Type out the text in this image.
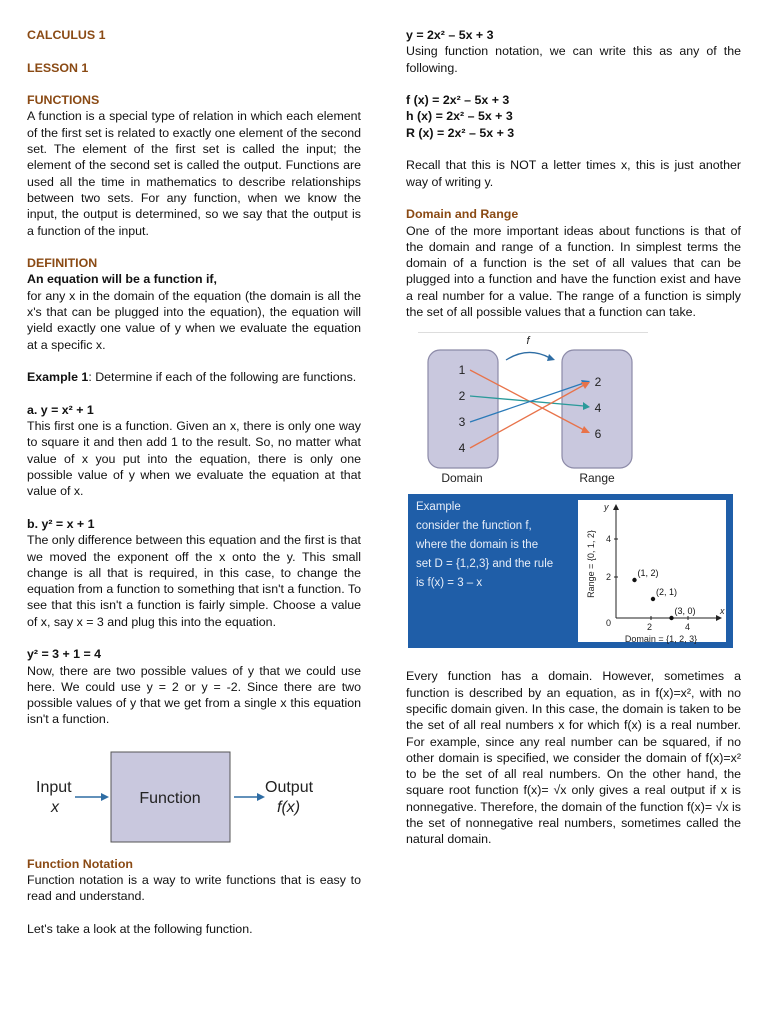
CALCULUS 1

LESSON 1

FUNCTIONS

A function is a special type of relation in which each element of the first set is related to exactly one element of the second set. The element of the first set is called the input; the element of the second set is called the output. Functions are used all the time in mathematics to describe relationships between two sets. For any function, when we know the input, the output is determined, so we say that the output is a function of the input.

DEFINITION

An equation will be a function if,

for any x in the domain of the equation (the domain is all the x's that can be plugged into the equation), the equation will yield exactly one value of y when we evaluate the equation at a specific x.

Example 1: Determine if each of the following are functions.

a. y = x² + 1

This first one is a function. Given an x, there is only one way to square it and then add 1 to the result. So, no matter what value of x you put into the equation, there is only one possible value of y when we evaluate the equation at that value of x.

b. y² = x + 1

The only difference between this equation and the first is that we moved the exponent off the x onto the y. This small change is all that is required, in this case, to change the equation from a function to something that isn't a function. To see that this isn't a function is fairly simple. Choose a value of x, say x = 3 and plug this into the equation.

y² = 3 + 1 = 4

Now, there are two possible values of y that we could use here. We could use y = 2 or y = -2. Since there are two possible values of y that we get from a single x this equation isn't a function.

Input
x
Function
Output
f(x)

Function Notation

Function notation is a way to write functions that is easy to read and understand.

Let's take a look at the following function.

y = 2x² – 5x + 3

Using function notation, we can write this as any of the following.

f (x) = 2x² – 5x + 3

h (x) = 2x² – 5x + 3

R (x) = 2x² – 5x + 3

Recall that this is NOT a letter times x, this is just another way of writing y.

Domain and Range

One of the more important ideas about functions is that of the domain and range of a function. In simplest terms the domain of a function is the set of all values that can be plugged into a function and have the function exist and have a real number for a value. The range of a function is simply the set of all possible values that a function can take.

f
1
2
3
4
2
4
6
Domain	Range
Example
consider the function f,
where the domain is the
set D = {1,2,3} and the rule
is f(x) = 3 – x
x
y
0	2	4
2
4
Range = {0, 1, 2}
Domain = {1, 2, 3}
(1, 2)
(2, 1)
(3, 0)

Every function has a domain. However, sometimes a function is described by an equation, as in f(x)=x², with no specific domain given. In this case, the domain is taken to be the set of all real numbers x for which f(x) is a real number. For example, since any real number can be squared, if no other domain is specified, we consider the domain of f(x)=x² to be the set of all real numbers. On the other hand, the square root function f(x)= √x only gives a real output if x is nonnegative. Therefore, the domain of the function f(x)= √x is the set of nonnegative real numbers, sometimes called the natural domain.
